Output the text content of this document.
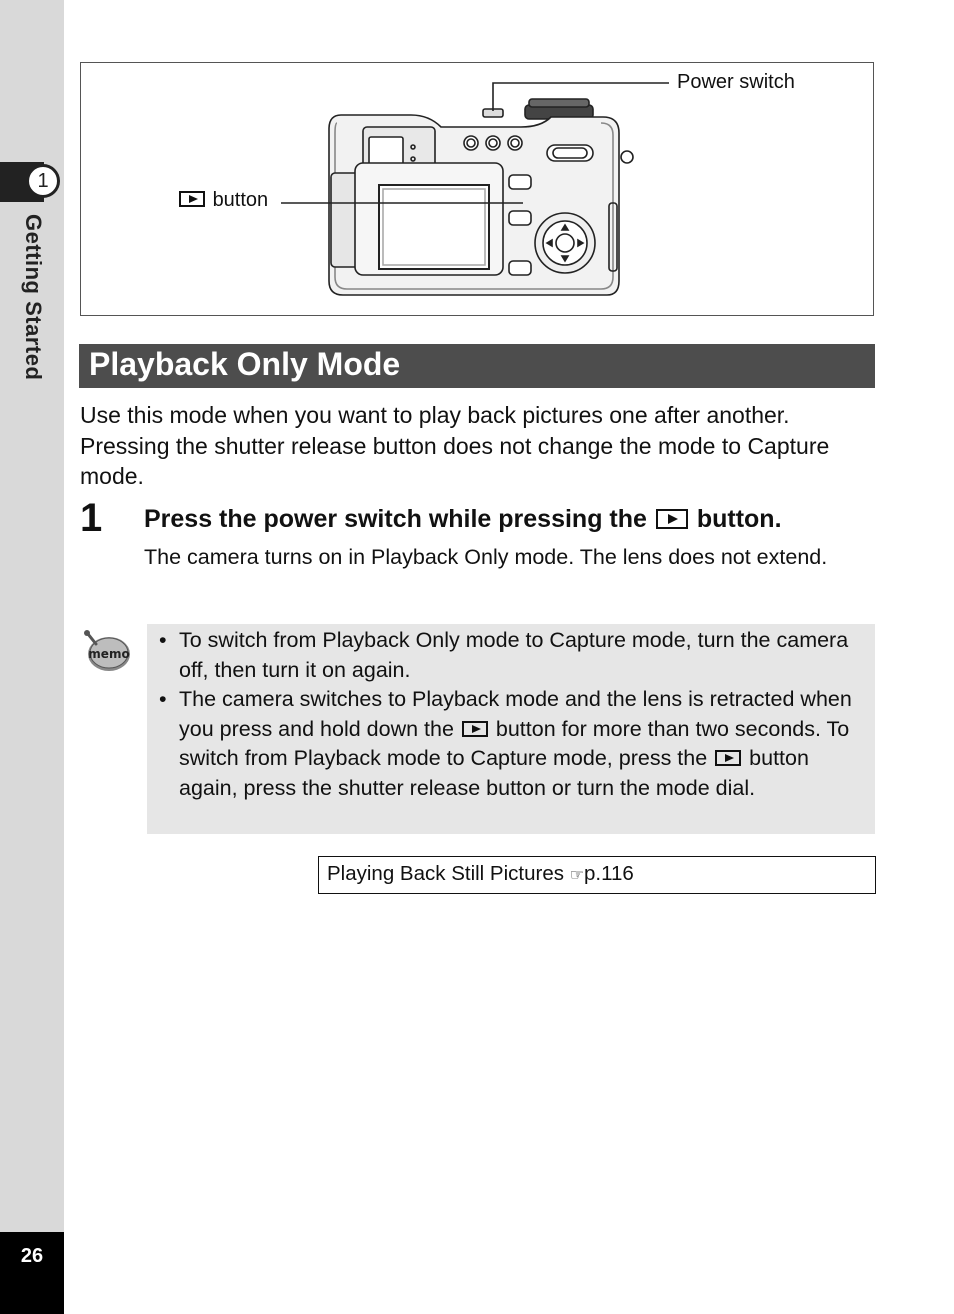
1
Getting Started
26
Power switch
button
Playback Only Mode
Use this mode when you want to play back pictures one after another. Pressing the shutter release button does not change the mode to Capture mode.
1 Press the power switch while pressing the button.
The camera turns on in Playback Only mode. The lens does not extend.
memo
• To switch from Playback Only mode to Capture mode, turn the camera off, then turn it on again.
• The camera switches to Playback mode and the lens is retracted when you press and hold down the button for more than two seconds. To switch from Playback mode to Capture mode, press the button again, press the shutter release button or turn the mode dial.
Playing Back Still Pictures ☞p.116
